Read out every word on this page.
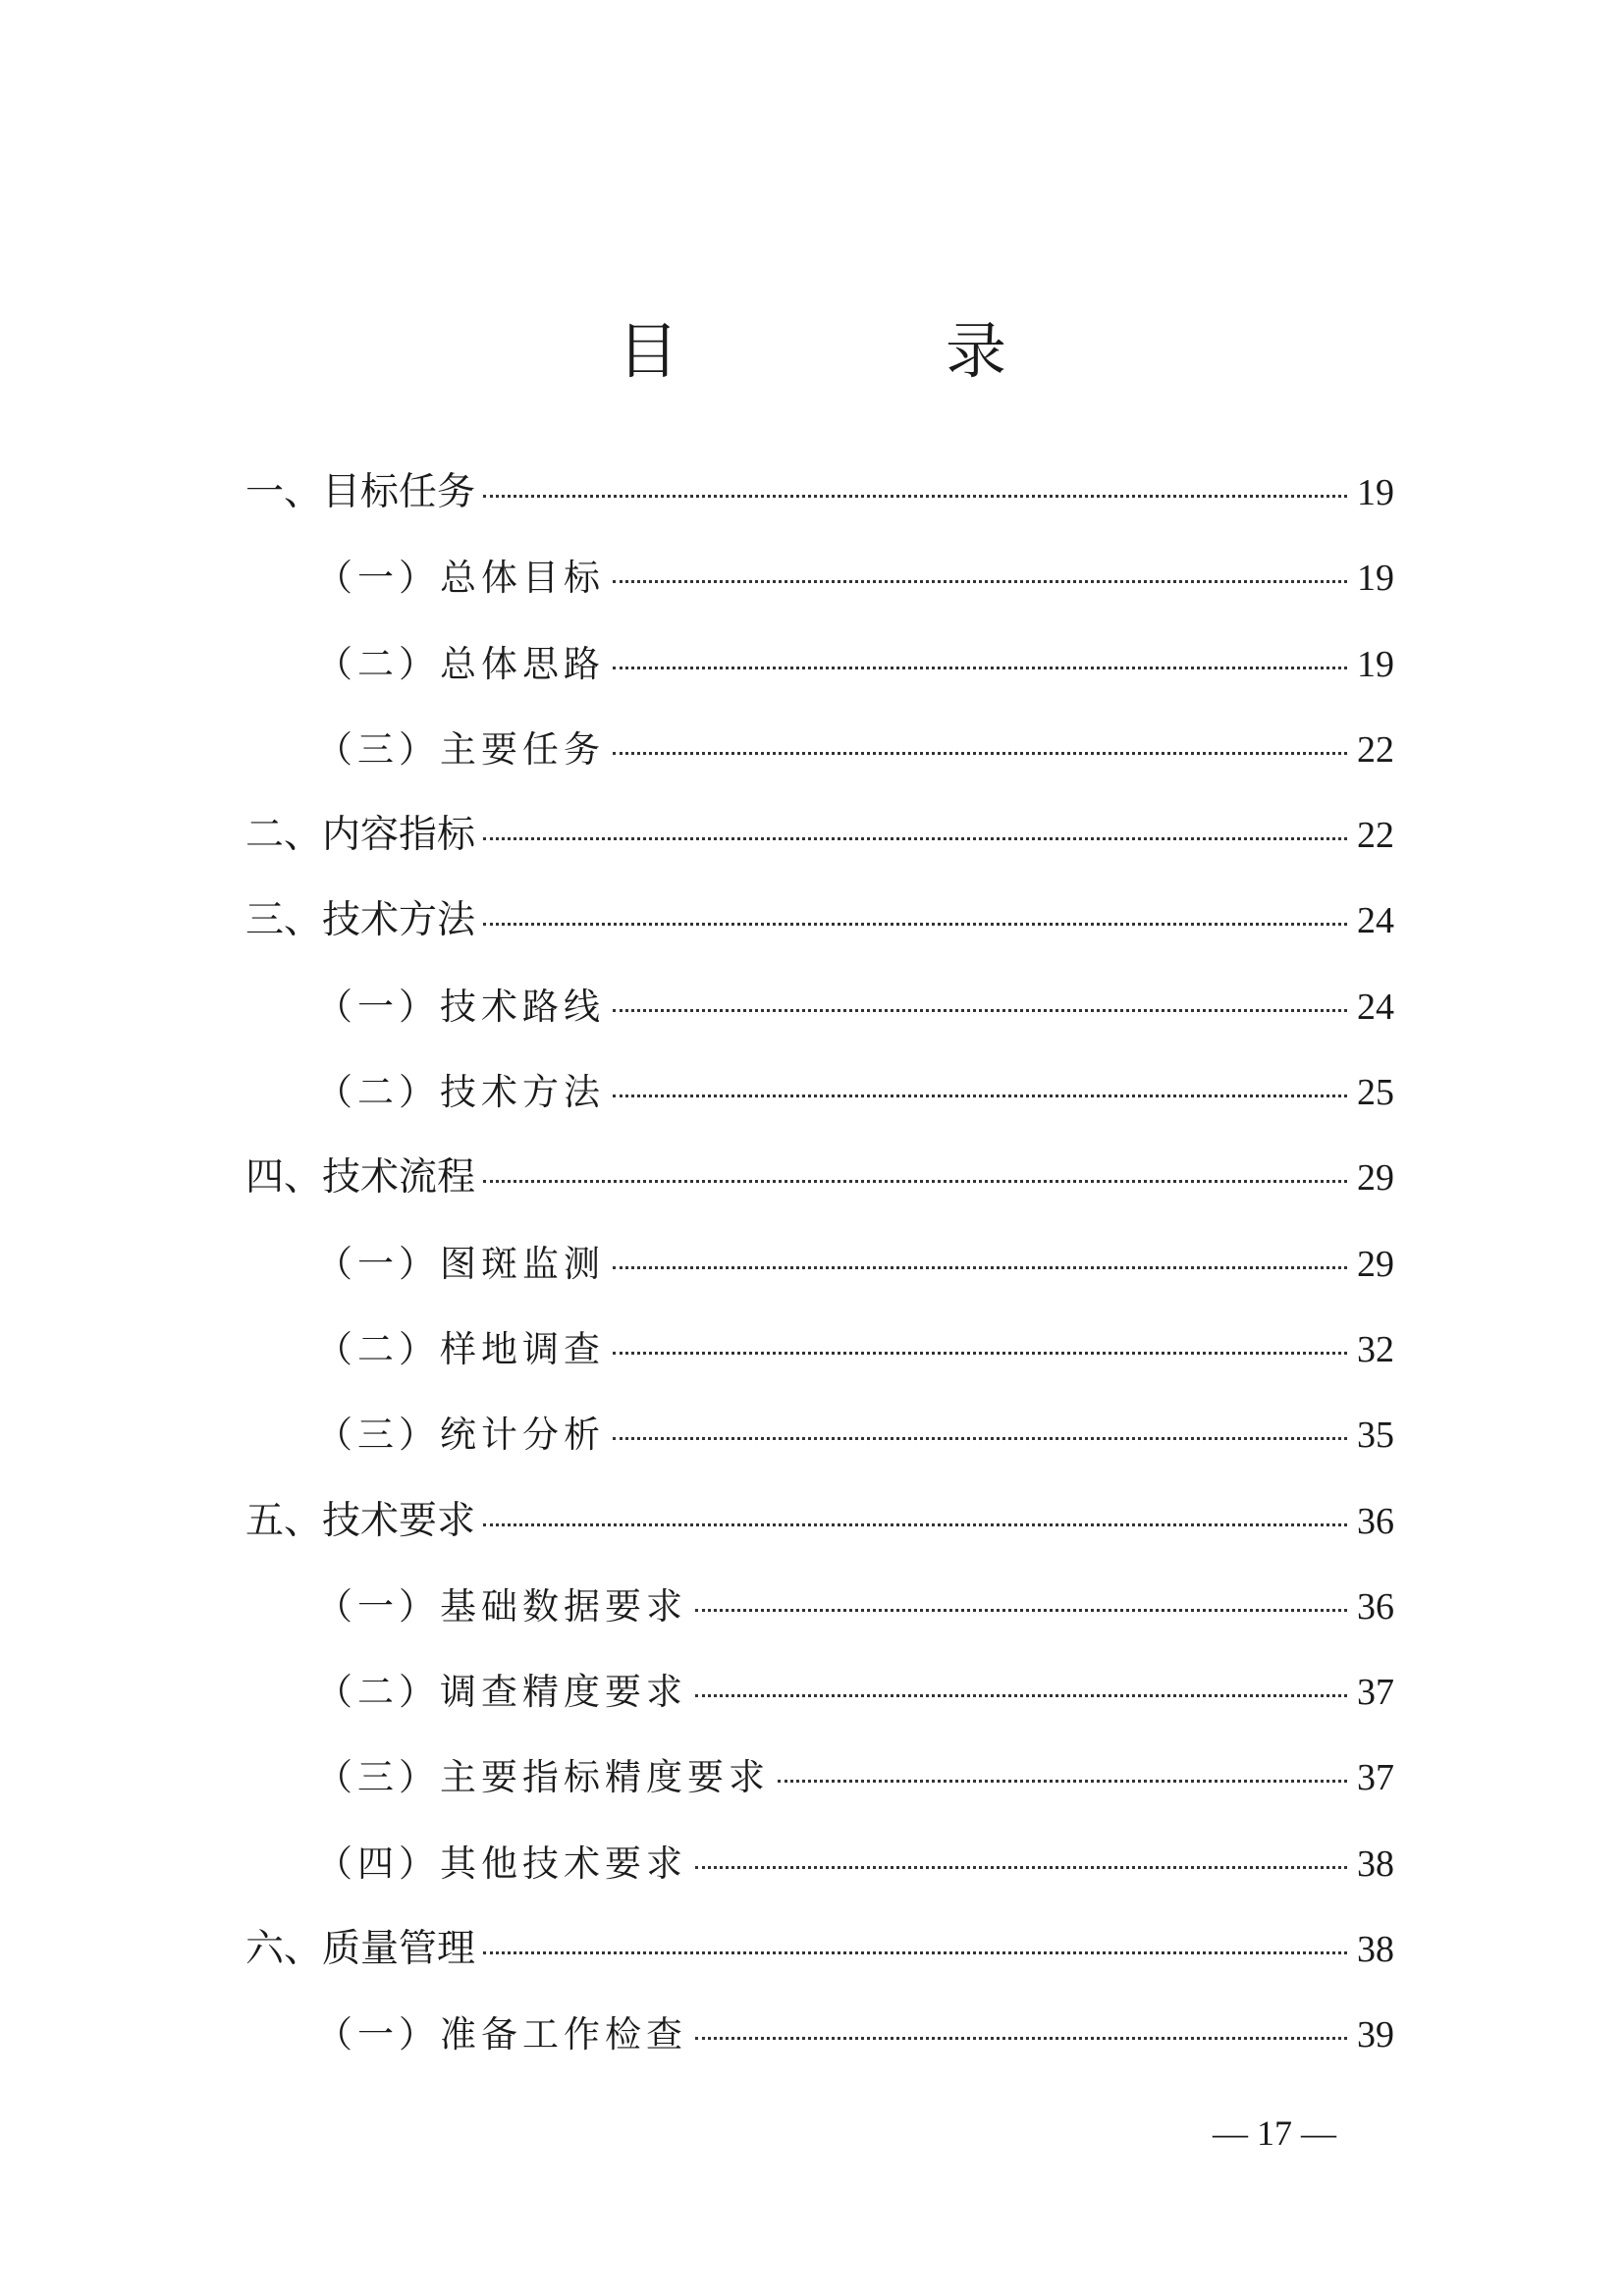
目　录
一、目标任务	19
（一）总体目标	19
（二）总体思路	19
（三）主要任务	22
二、内容指标	22
三、技术方法	24
（一）技术路线	24
（二）技术方法	25
四、技术流程	29
（一）图斑监测	29
（二）样地调查	32
（三）统计分析	35
五、技术要求	36
（一）基础数据要求	36
（二）调查精度要求	37
（三）主要指标精度要求	37
（四）其他技术要求	38
六、质量管理	38
（一）准备工作检查	39
— 17 —
